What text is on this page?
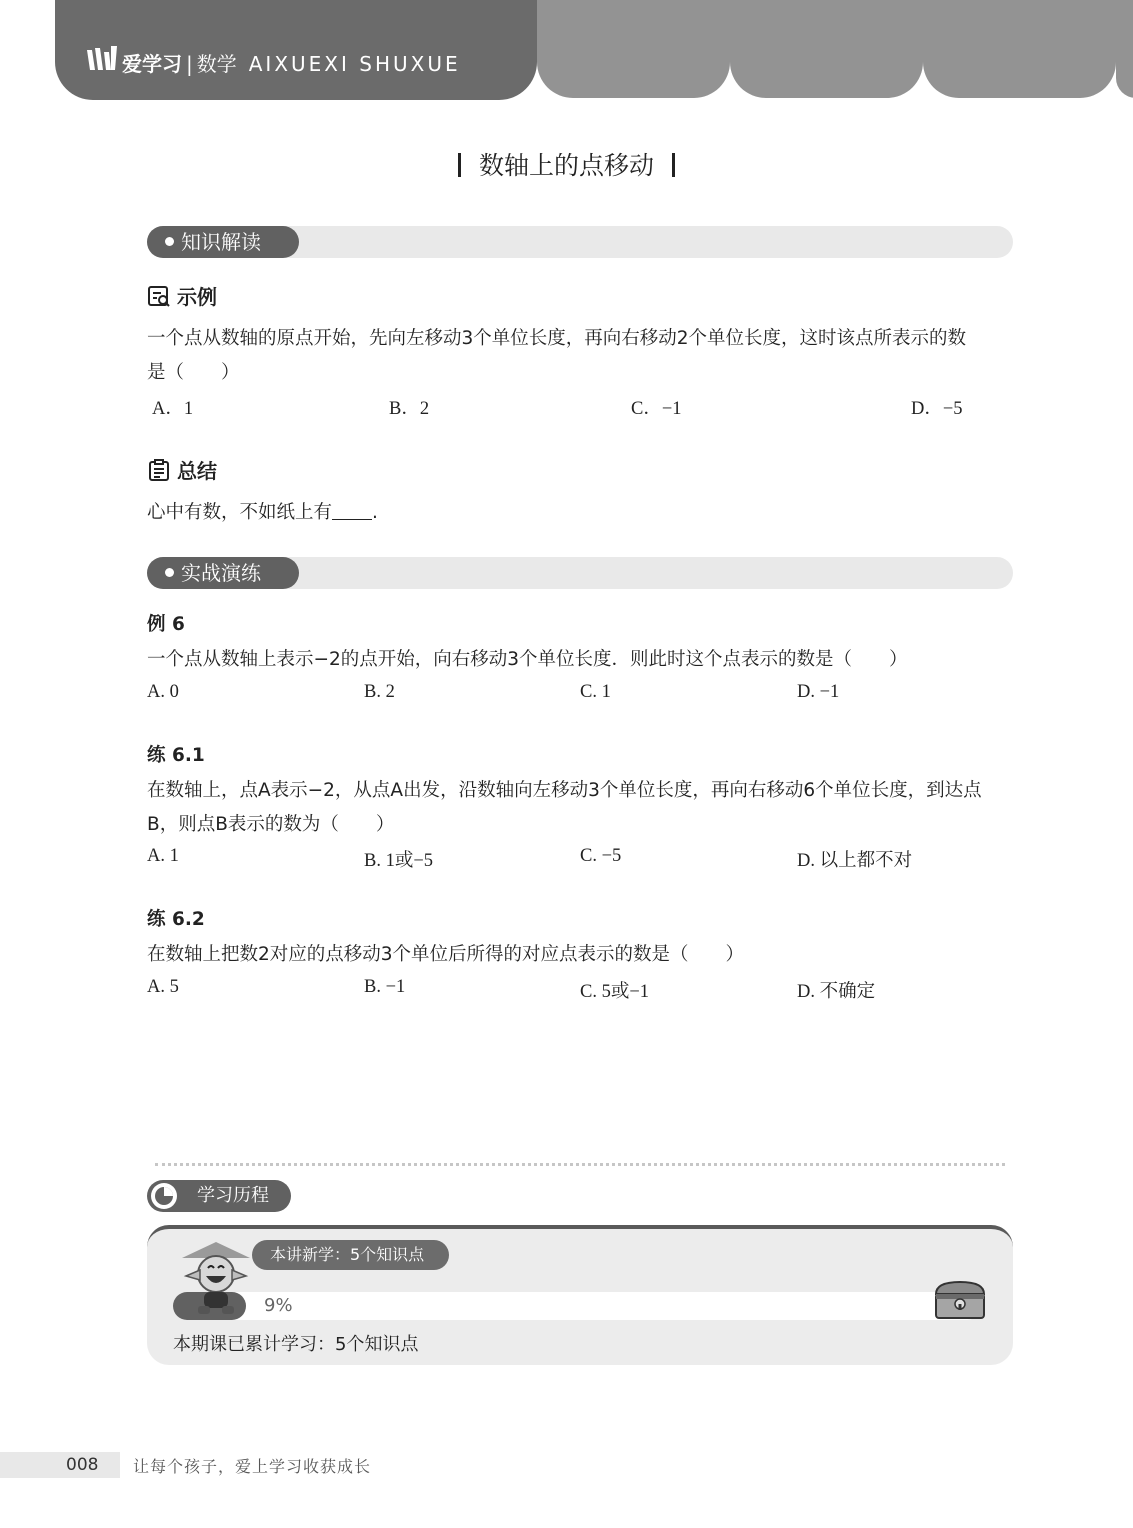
爱学习 | 数学 AIXUEXI SHUXUE
数轴上的点移动
知识解读
示例
一个点从数轴的原点开始，先向左移动3个单位长度，再向右移动2个单位长度，这时该点所表示的数
是（　　）
A．1	B．2	C．−1	D．−5
总结
心中有数，不如纸上有 .
实战演练
例 6
一个点从数轴上表示−2的点开始，向右移动3个单位长度．则此时这个点表示的数是（　　）
A. 0	B. 2	C. 1	D. −1
练 6.1
在数轴上，点A表示−2，从点A出发，沿数轴向左移动3个单位长度，再向右移动6个单位长度，到达点
B，则点B表示的数为（　　）
A. 1	B. 1或−5	C. −5	D. 以上都不对
练 6.2
在数轴上把数2对应的点移动3个单位后所得的对应点表示的数是（　　）
A. 5	B. −1	C. 5或−1	D. 不确定
学习历程
本讲新学：5个知识点
9%
本期课已累计学习：5个知识点
008 让每个孩子，爱上学习收获成长
